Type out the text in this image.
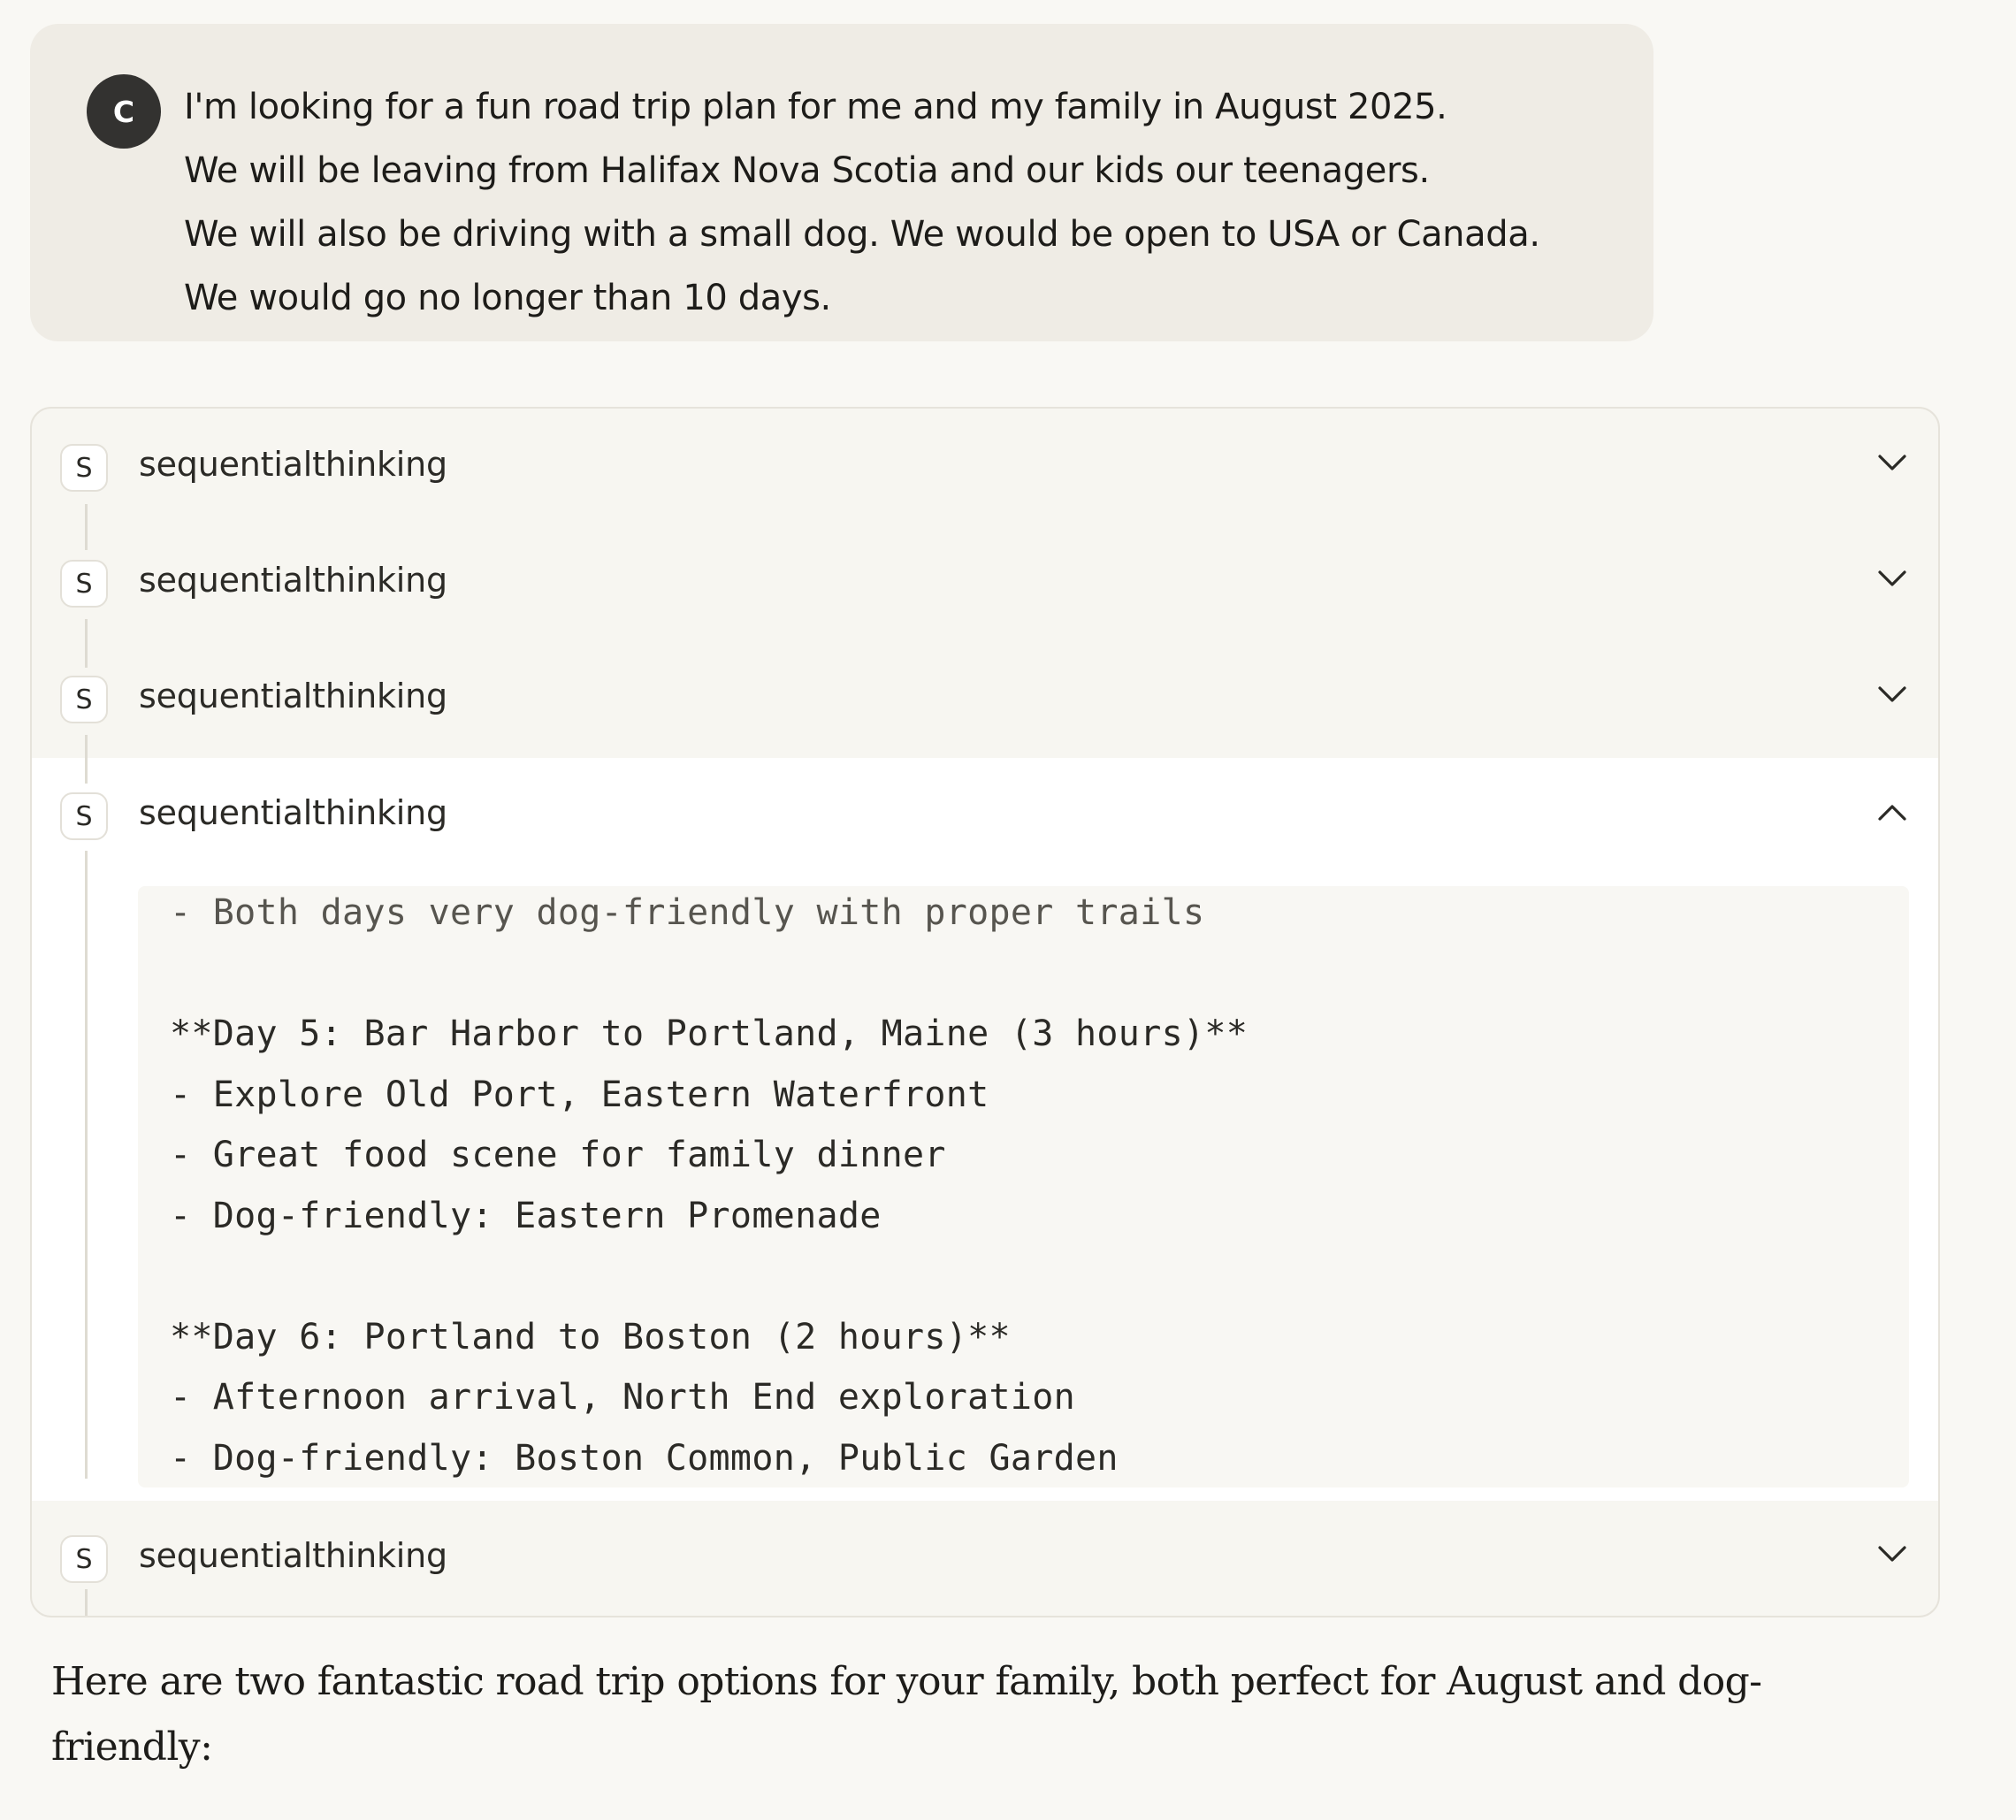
C	I'm looking for a fun road trip plan for me and my family in August 2025.
We will be leaving from Halifax Nova Scotia and our kids our teenagers.
We will also be driving with a small dog. We would be open to USA or Canada.
We would go no longer than 10 days.
S	sequentialthinking
S	sequentialthinking
S	sequentialthinking
S	sequentialthinking
- Both days very dog-friendly with proper trails
**Day 5: Bar Harbor to Portland, Maine (3 hours)**
- Explore Old Port, Eastern Waterfront
- Great food scene for family dinner
- Dog-friendly: Eastern Promenade
**Day 6: Portland to Boston (2 hours)**
- Afternoon arrival, North End exploration
- Dog-friendly: Boston Common, Public Garden
S	sequentialthinking

Here are two fantastic road trip options for your family, both perfect for August and dog-friendly:
